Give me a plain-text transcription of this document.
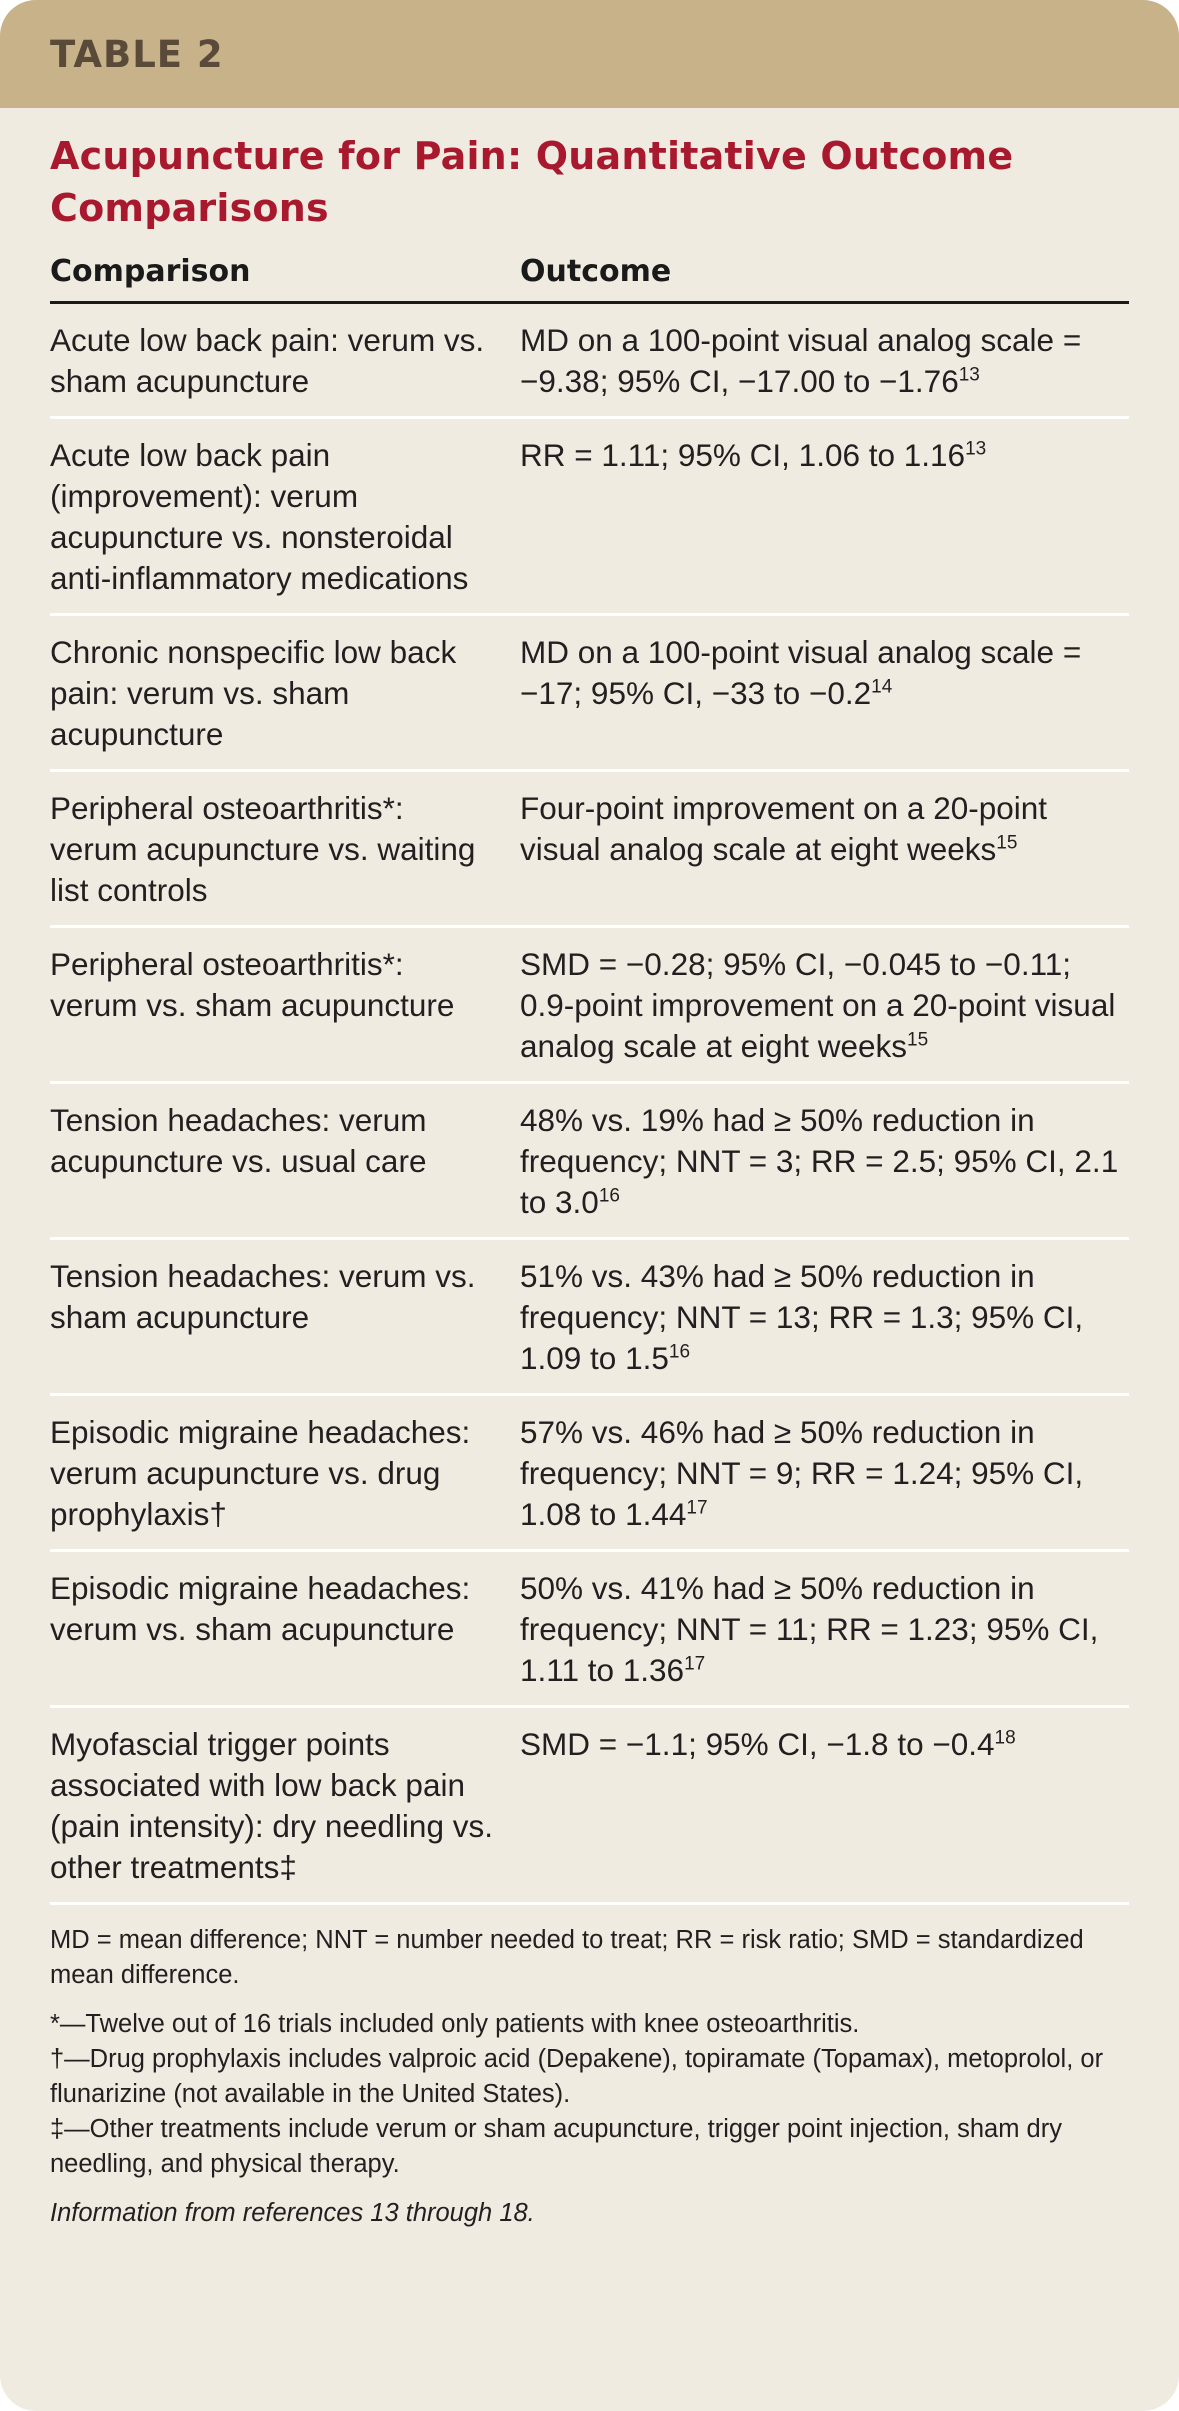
TABLE 2
Acupuncture for Pain: Quantitative Outcome Comparisons
Comparison	Outcome
Acute low back pain: verum vs. sham acupuncture
MD on a 100-point visual analog scale = −9.38; 95% CI, −17.00 to $-1.76^{13}$
Acute low back pain (improvement): verum acupuncture vs. nonsteroidal anti-inflammatory medications
RR = 1.11; 95% CI, 1.06 to 1.16$^{13}$
Chronic nonspecific low back pain: verum vs. sham acupuncture
MD on a 100-point visual analog scale = −17; 95% CI, −33 to $-0.2^{14}$
Peripheral osteoarthritis*: verum acupuncture vs. waiting list controls
Four-point improvement on a 20-point visual analog scale at eight weeks$^{15}$
Peripheral osteoarthritis*: verum vs. sham acupuncture
SMD = −0.28; 95% CI, −0.045 to −0.11; 0.9-point improvement on a 20-point visual analog scale at eight weeks$^{15}$
Tension headaches: verum acupuncture vs. usual care
48% vs. 19% had ≥ 50% reduction in frequency; NNT = 3; RR = 2.5; 95% CI, 2.1 to $3.0^{16}$
Tension headaches: verum vs. sham acupuncture
51% vs. 43% had ≥ 50% reduction in frequency; NNT = 13; RR = 1.3; 95% CI, 1.09 to $1.5^{16}$
Episodic migraine headaches: verum acupuncture vs. drug prophylaxis†
57% vs. 46% had ≥ 50% reduction in frequency; NNT = 9; RR = 1.24; 95% CI, 1.08 to 1.44$^{17}$
Episodic migraine headaches: verum vs. sham acupuncture
50% vs. 41% had ≥ 50% reduction in frequency; NNT = 11; RR = 1.23; 95% CI, 1.11 to 1.36$^{17}$
Myofascial trigger points associated with low back pain (pain intensity): dry needling vs. other treatments‡
SMD = −1.1; 95% CI, −1.8 to $-0.4^{18}$
MD = mean difference; NNT = number needed to treat; RR = risk ratio; SMD = standardized mean difference.
*—Twelve out of 16 trials included only patients with knee osteoarthritis.
†—Drug prophylaxis includes valproic acid (Depakene), topiramate (Topamax), metoprolol, or flunarizine (not available in the United States).
‡—Other treatments include verum or sham acupuncture, trigger point injection, sham dry needling, and physical therapy.
Information from references 13 through 18.
